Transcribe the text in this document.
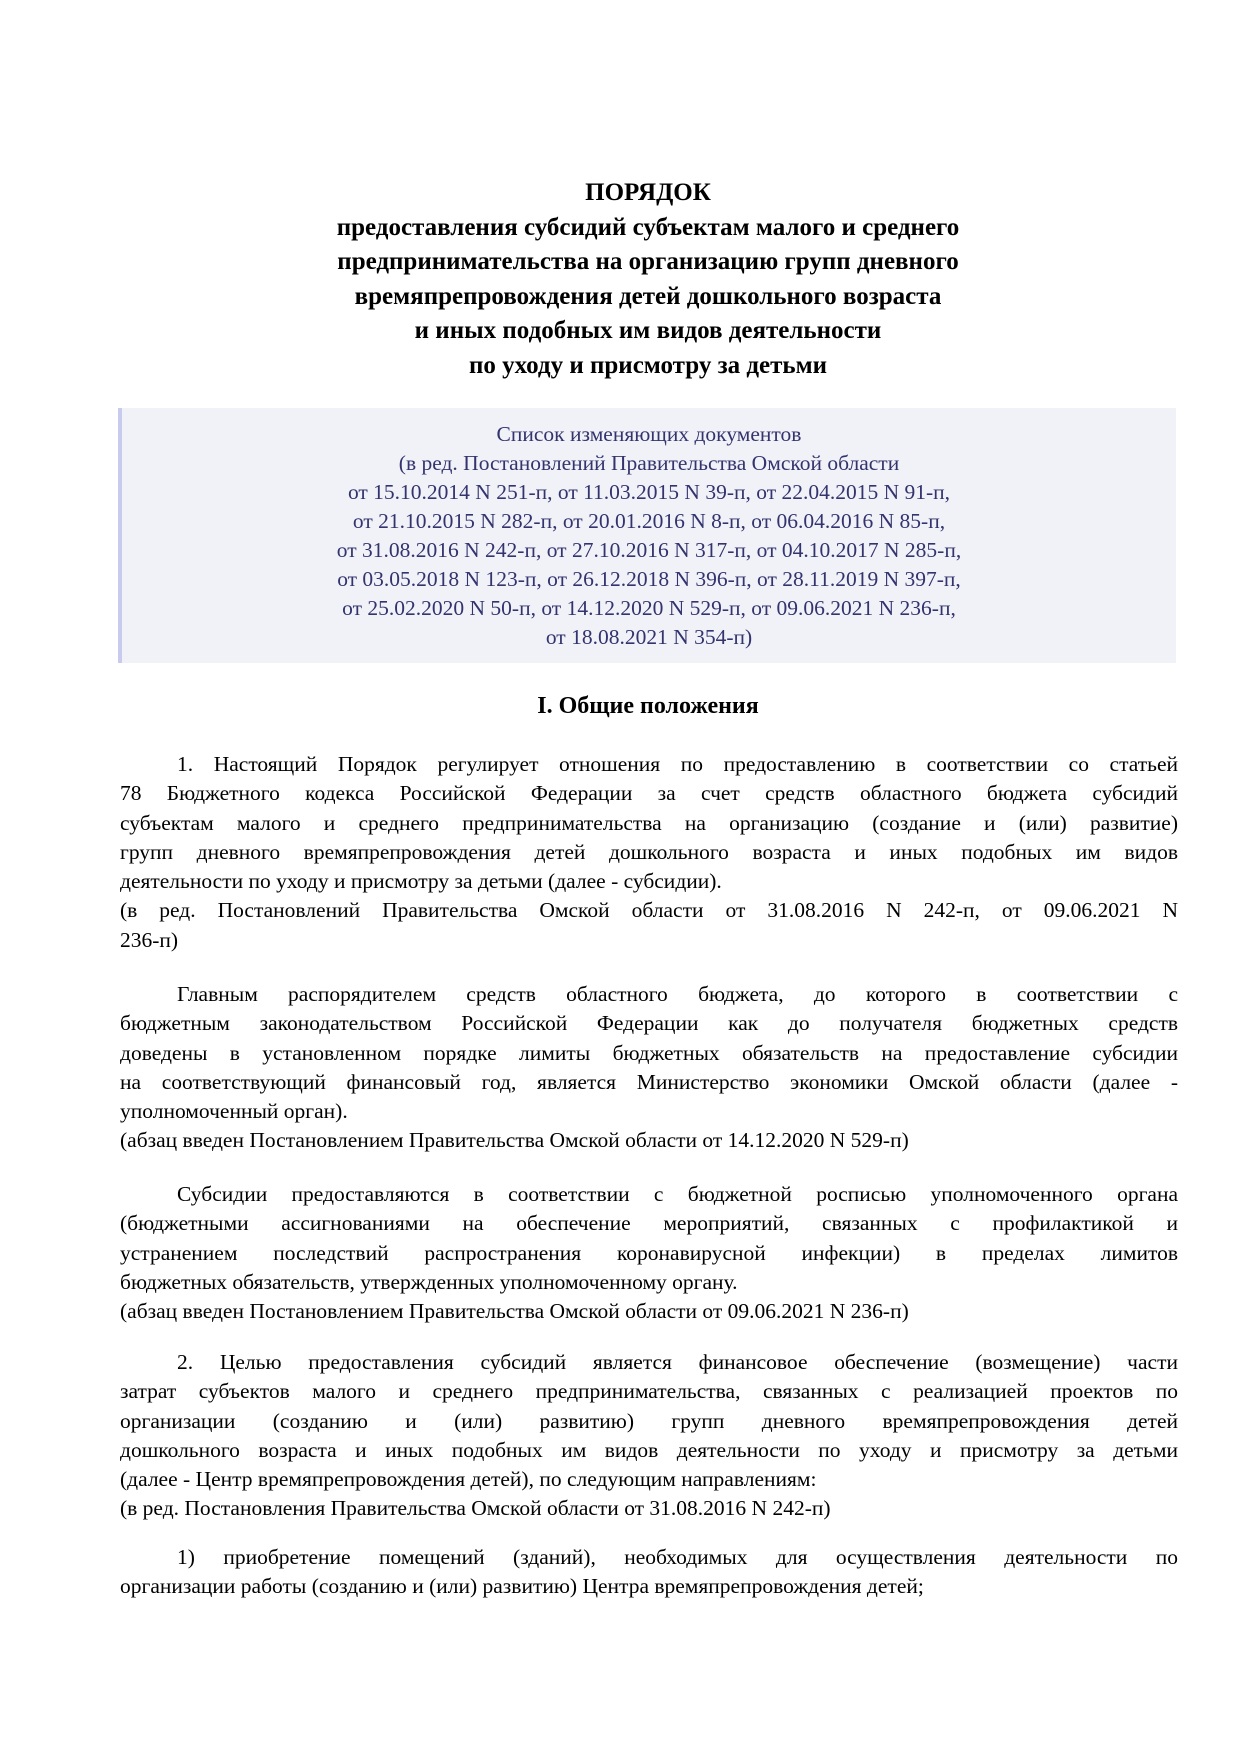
ПОРЯДОК
предоставления субсидий субъектам малого и среднего
предпринимательства на организацию групп дневного
времяпрепровождения детей дошкольного возраста
и иных подобных им видов деятельности
по уходу и присмотру за детьми
Список изменяющих документов
(в ред. Постановлений Правительства Омской области
от 15.10.2014 N 251-п, от 11.03.2015 N 39-п, от 22.04.2015 N 91-п,
от 21.10.2015 N 282-п, от 20.01.2016 N 8-п, от 06.04.2016 N 85-п,
от 31.08.2016 N 242-п, от 27.10.2016 N 317-п, от 04.10.2017 N 285-п,
от 03.05.2018 N 123-п, от 26.12.2018 N 396-п, от 28.11.2019 N 397-п,
от 25.02.2020 N 50-п, от 14.12.2020 N 529-п, от 09.06.2021 N 236-п,
от 18.08.2021 N 354-п)
I. Общие положения
1. Настоящий Порядок регулирует отношения по предоставлению в соответствии со статьей
78 Бюджетного кодекса Российской Федерации за счет средств областного бюджета субсидий
субъектам малого и среднего предпринимательства на организацию (создание и (или) развитие)
групп дневного времяпрепровождения детей дошкольного возраста и иных подобных им видов
деятельности по уходу и присмотру за детьми (далее - субсидии).
(в ред. Постановлений Правительства Омской области от 31.08.2016 N 242-п, от 09.06.2021 N
236-п)
Главным распорядителем средств областного бюджета, до которого в соответствии с
бюджетным законодательством Российской Федерации как до получателя бюджетных средств
доведены в установленном порядке лимиты бюджетных обязательств на предоставление субсидии
на соответствующий финансовый год, является Министерство экономики Омской области (далее -
уполномоченный орган).
(абзац введен Постановлением Правительства Омской области от 14.12.2020 N 529-п)
Субсидии предоставляются в соответствии с бюджетной росписью уполномоченного органа
(бюджетными ассигнованиями на обеспечение мероприятий, связанных с профилактикой и
устранением последствий распространения коронавирусной инфекции) в пределах лимитов
бюджетных обязательств, утвержденных уполномоченному органу.
(абзац введен Постановлением Правительства Омской области от 09.06.2021 N 236-п)
2. Целью предоставления субсидий является финансовое обеспечение (возмещение) части
затрат субъектов малого и среднего предпринимательства, связанных с реализацией проектов по
организации (созданию и (или) развитию) групп дневного времяпрепровождения детей
дошкольного возраста и иных подобных им видов деятельности по уходу и присмотру за детьми
(далее - Центр времяпрепровождения детей), по следующим направлениям:
(в ред. Постановления Правительства Омской области от 31.08.2016 N 242-п)
1) приобретение помещений (зданий), необходимых для осуществления деятельности по
организации работы (созданию и (или) развитию) Центра времяпрепровождения детей;
